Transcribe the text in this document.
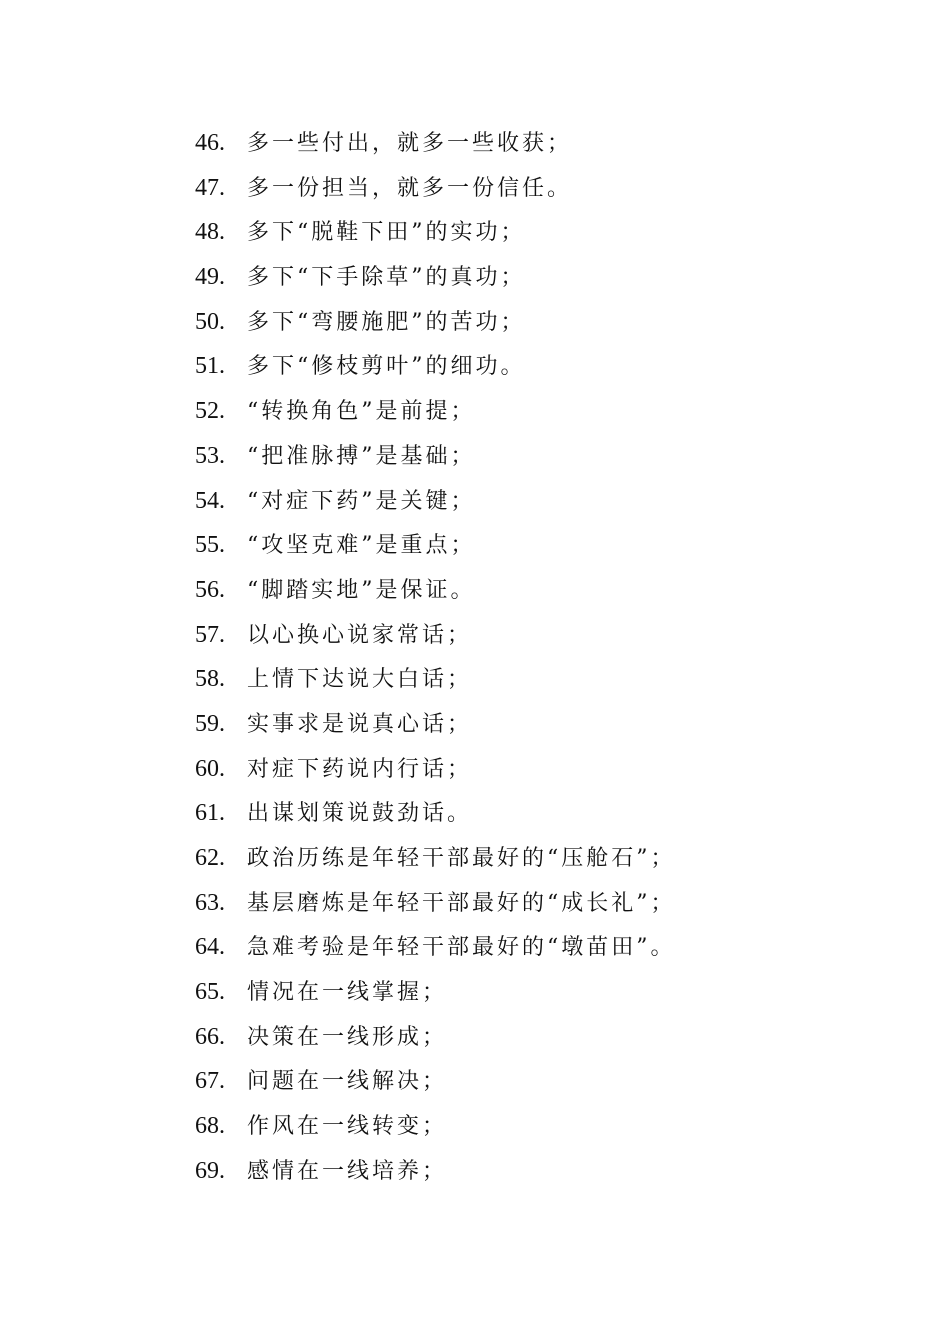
46.	多一些付出，就多一些收获；
47.	多一份担当，就多一份信任。
48.	多下“脱鞋下田”的实功；
49.	多下“下手除草”的真功；
50.	多下“弯腰施肥”的苦功；
51.	多下“修枝剪叶”的细功。
52.	“转换角色”是前提；
53.	“把准脉搏”是基础；
54.	“对症下药”是关键；
55.	“攻坚克难”是重点；
56.	“脚踏实地”是保证。
57.	以心换心说家常话；
58.	上情下达说大白话；
59.	实事求是说真心话；
60.	对症下药说内行话；
61.	出谋划策说鼓劲话。
62.	政治历练是年轻干部最好的“压舱石”；
63.	基层磨炼是年轻干部最好的“成长礼”；
64.	急难考验是年轻干部最好的“墩苗田”。
65.	情况在一线掌握；
66.	决策在一线形成；
67.	问题在一线解决；
68.	作风在一线转变；
69.	感情在一线培养；
